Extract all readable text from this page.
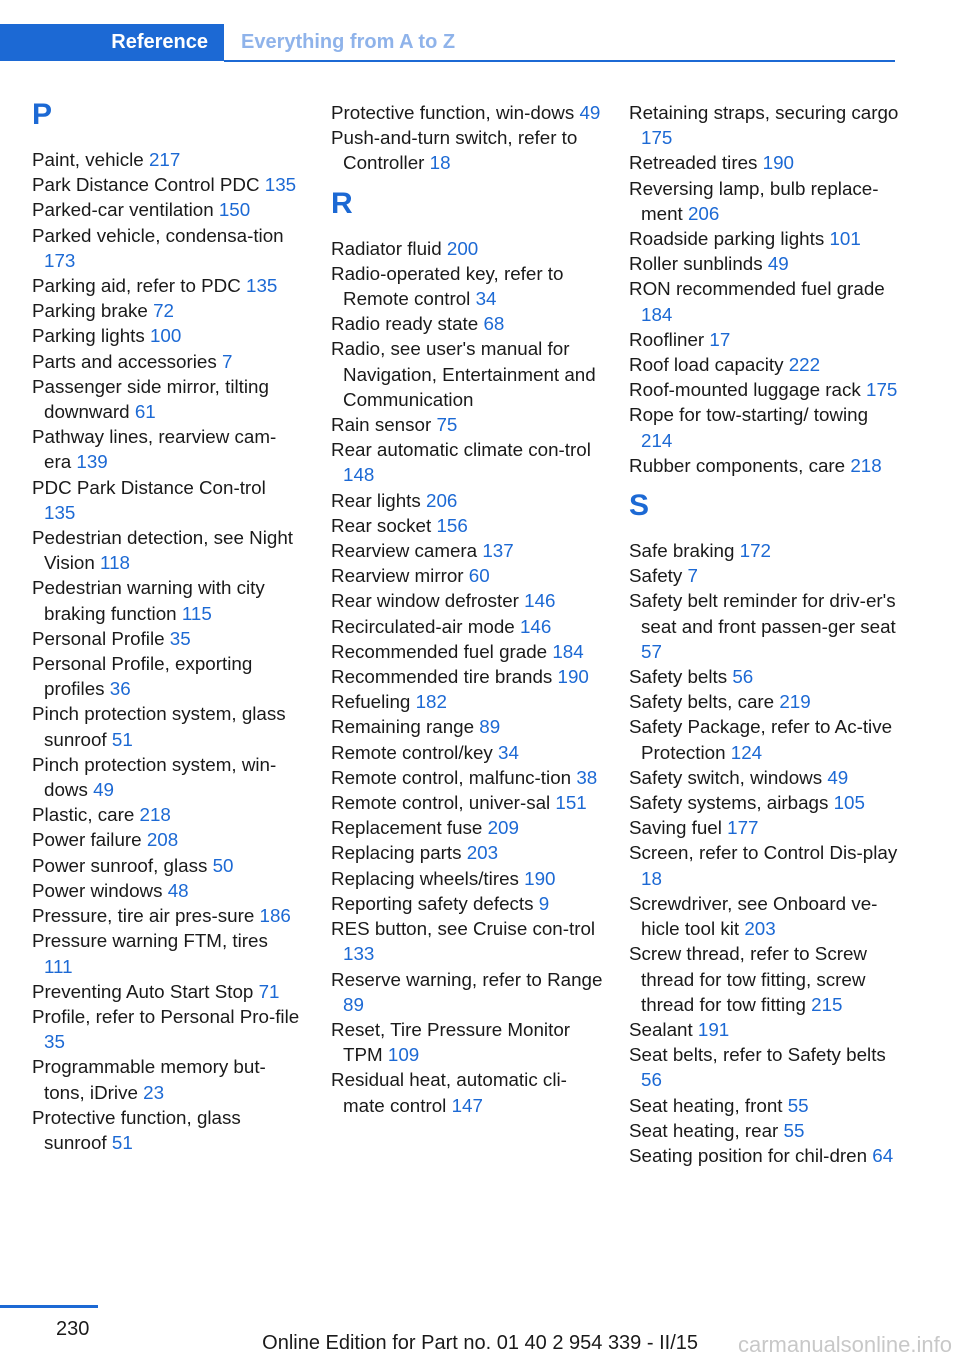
Reference	Everything from A to Z
P
Paint, vehicle 217
Park Distance Control PDC 135
Parked-car ventilation 150
Parked vehicle, condensa-tion 173
Parking aid, refer to PDC 135
Parking brake 72
Parking lights 100
Parts and accessories 7
Passenger side mirror, tilting downward 61
Pathway lines, rearview cam-era 139
PDC Park Distance Con-trol 135
Pedestrian detection, see Night Vision 118
Pedestrian warning with city braking function 115
Personal Profile 35
Personal Profile, exporting profiles 36
Pinch protection system, glass sunroof 51
Pinch protection system, win-dows 49
Plastic, care 218
Power failure 208
Power sunroof, glass 50
Power windows 48
Pressure, tire air pres-sure 186
Pressure warning FTM, tires 111
Preventing Auto Start Stop 71
Profile, refer to Personal Pro-file 35
Programmable memory but-tons, iDrive 23
Protective function, glass sunroof 51
Protective function, win-dows 49
Push-and-turn switch, refer to Controller 18
R
Radiator fluid 200
Radio-operated key, refer to Remote control 34
Radio ready state 68
Radio, see user's manual for Navigation, Entertainment and Communication
Rain sensor 75
Rear automatic climate con-trol 148
Rear lights 206
Rear socket 156
Rearview camera 137
Rearview mirror 60
Rear window defroster 146
Recirculated-air mode 146
Recommended fuel grade 184
Recommended tire brands 190
Refueling 182
Remaining range 89
Remote control/key 34
Remote control, malfunc-tion 38
Remote control, univer-sal 151
Replacement fuse 209
Replacing parts 203
Replacing wheels/tires 190
Reporting safety defects 9
RES button, see Cruise con-trol 133
Reserve warning, refer to Range 89
Reset, Tire Pressure Monitor TPM 109
Residual heat, automatic cli-mate control 147
Retaining straps, securing cargo 175
Retreaded tires 190
Reversing lamp, bulb replace-ment 206
Roadside parking lights 101
Roller sunblinds 49
RON recommended fuel grade 184
Roofliner 17
Roof load capacity 222
Roof-mounted luggage rack 175
Rope for tow-starting/ towing 214
Rubber components, care 218
S
Safe braking 172
Safety 7
Safety belt reminder for driv-er's seat and front passen-ger seat 57
Safety belts 56
Safety belts, care 219
Safety Package, refer to Ac-tive Protection 124
Safety switch, windows 49
Safety systems, airbags 105
Saving fuel 177
Screen, refer to Control Dis-play 18
Screwdriver, see Onboard ve-hicle tool kit 203
Screw thread, refer to Screw thread for tow fitting, screw thread for tow fitting 215
Sealant 191
Seat belts, refer to Safety belts 56
Seat heating, front 55
Seat heating, rear 55
Seating position for chil-dren 64
230
Online Edition for Part no. 01 40 2 954 339 - II/15 carmanualsonline.info
